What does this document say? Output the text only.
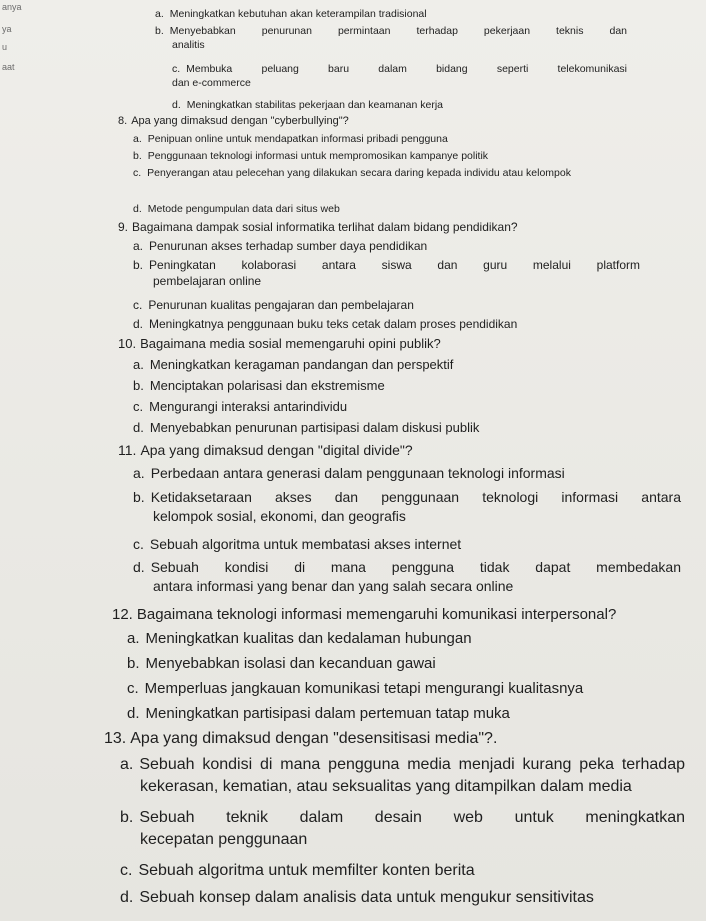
anya
ya
u
aat
a. Meningkatkan kebutuhan akan keterampilan tradisional
b. Menyebabkan penurunan permintaan terhadap pekerjaan teknis dan
analitis
c. Membuka peluang baru dalam bidang seperti telekomunikasi
dan e-commerce
d. Meningkatkan stabilitas pekerjaan dan keamanan kerja
8. Apa yang dimaksud dengan "cyberbullying"?
a. Penipuan online untuk mendapatkan informasi pribadi pengguna
b. Penggunaan teknologi informasi untuk mempromosikan kampanye politik
c. Penyerangan atau pelecehan yang dilakukan secara daring kepada individu atau kelompok
d. Metode pengumpulan data dari situs web
9. Bagaimana dampak sosial informatika terlihat dalam bidang pendidikan?
a. Penurunan akses terhadap sumber daya pendidikan
b. Peningkatan kolaborasi antara siswa dan guru melalui platform
pembelajaran online
c. Penurunan kualitas pengajaran dan pembelajaran
d. Meningkatnya penggunaan buku teks cetak dalam proses pendidikan
10. Bagaimana media sosial memengaruhi opini publik?
a. Meningkatkan keragaman pandangan dan perspektif
b. Menciptakan polarisasi dan ekstremisme
c. Mengurangi interaksi antarindividu
d. Menyebabkan penurunan partisipasi dalam diskusi publik
11. Apa yang dimaksud dengan "digital divide"?
a. Perbedaan antara generasi dalam penggunaan teknologi informasi
b. Ketidaksetaraan akses dan penggunaan teknologi informasi antara
kelompok sosial, ekonomi, dan geografis
c. Sebuah algoritma untuk membatasi akses internet
d. Sebuah kondisi di mana pengguna tidak dapat membedakan
antara informasi yang benar dan yang salah secara online
12. Bagaimana teknologi informasi memengaruhi komunikasi interpersonal?
a. Meningkatkan kualitas dan kedalaman hubungan
b. Menyebabkan isolasi dan kecanduan gawai
c. Memperluas jangkauan komunikasi tetapi mengurangi kualitasnya
d. Meningkatkan partisipasi dalam pertemuan tatap muka
13. Apa yang dimaksud dengan "desensitisasi media"?.
a. Sebuah kondisi di mana pengguna media menjadi kurang peka terhadap
kekerasan, kematian, atau seksualitas yang ditampilkan dalam media
b. Sebuah teknik dalam desain web untuk meningkatkan
kecepatan penggunaan
c. Sebuah algoritma untuk memfilter konten berita
d. Sebuah konsep dalam analisis data untuk mengukur sensitivitas
